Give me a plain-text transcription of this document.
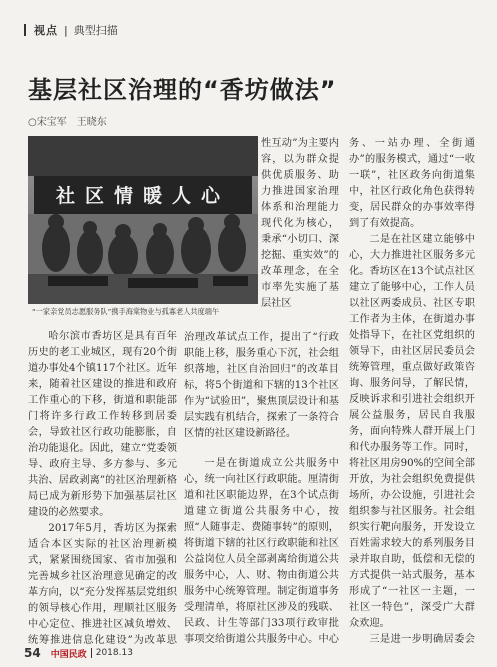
视点 | 典型扫描
基层社区治理的“香坊做法”
○宋宝军　王晓东
社区情暖人心
“一家亲党员志愿服务队”携手海棠物业与孤寡老人共度端午

性互动”为主要内容，以为群众提供优质服务、助力推进国家治理体系和治理能力现代化为核心，秉承“小切口、深挖掘、重实效”的改革理念，在全市率先实施了基层社区

哈尔滨市香坊区是具有百年历史的老工业城区，现有20个街道办事处4个镇117个社区。近年来，随着社区建设的推进和政府工作重心的下移，街道和职能部门将许多行政工作转移到居委会，导致社区行政功能膨胀，自治功能退化。因此，建立“党委领导、政府主导、多方参与、多元共治、居政剥离”的社区治理新格局已成为新形势下加强基层社区建设的必然要求。

2017年5月，香坊区为探索适合本区实际的社区治理新模式，紧紧围绕国家、省市加强和完善城乡社区治理意见确定的改革方向，以“充分发挥基层党组织的领导核心作用，理顺社区服务中心定位、推进社区减负增效、统筹推进信息化建设”为改革思

治理改革试点工作，提出了“行政职能上移，服务重心下沉，社会组织落地，社区自治回归”的改革目标，将5个街道和下辖的13个社区作为“试验田”，聚焦顶层设计和基层实践有机结合，探索了一条符合区情的社区建设新路径。

一是在街道成立公共服务中心，统一向社区行政职能。厘清街道和社区职能边界，在3个试点街道建立街道公共服务中心，按照“人随事走、费随事转”的原则，将街道下辖的社区行政职能和社区公益岗位人员全部剥离给街道公共服务中心，人、财、物由街道公共服务中心统筹管理。制定街道事务受理清单，将原社区涉及的残联、民政、计生等部门33项行政审批事项交给街道公共服务中心。中心

务、一站办理、全街通办”的服务模式，通过“一收一联”，社区政务向街道集中，社区行政化角色获得转变，居民群众的办事效率得到了有效提高。

二是在社区建立能够中心，大力推进社区服务多元化。香坊区在13个试点社区建立了能够中心，工作人员以社区两委成员、社区专职工作者为主体，在街道办事处指导下，在社区党组织的领导下，由社区居民委员会统筹管理，重点做好政策咨询、服务问导，了解民情，反映诉求和引进社会组织开展公益服务，居民自我服务，面向特殊人群开展上门和代办服务等工作。同时，将社区用房90%的空间全部开放，为社会组织免费提供场所，办公设施，引进社会组织参与社区服务。社会组织实行靶向服务，开发设立百姓需求较大的系列服务目录并取自助，低偿和无偿的方式提供一站式服务，基本形成了“一社区一主题，一社区一特色”，深受广大群众欢迎。

三是进一步明确居委会

54 中国民政	2018.13
